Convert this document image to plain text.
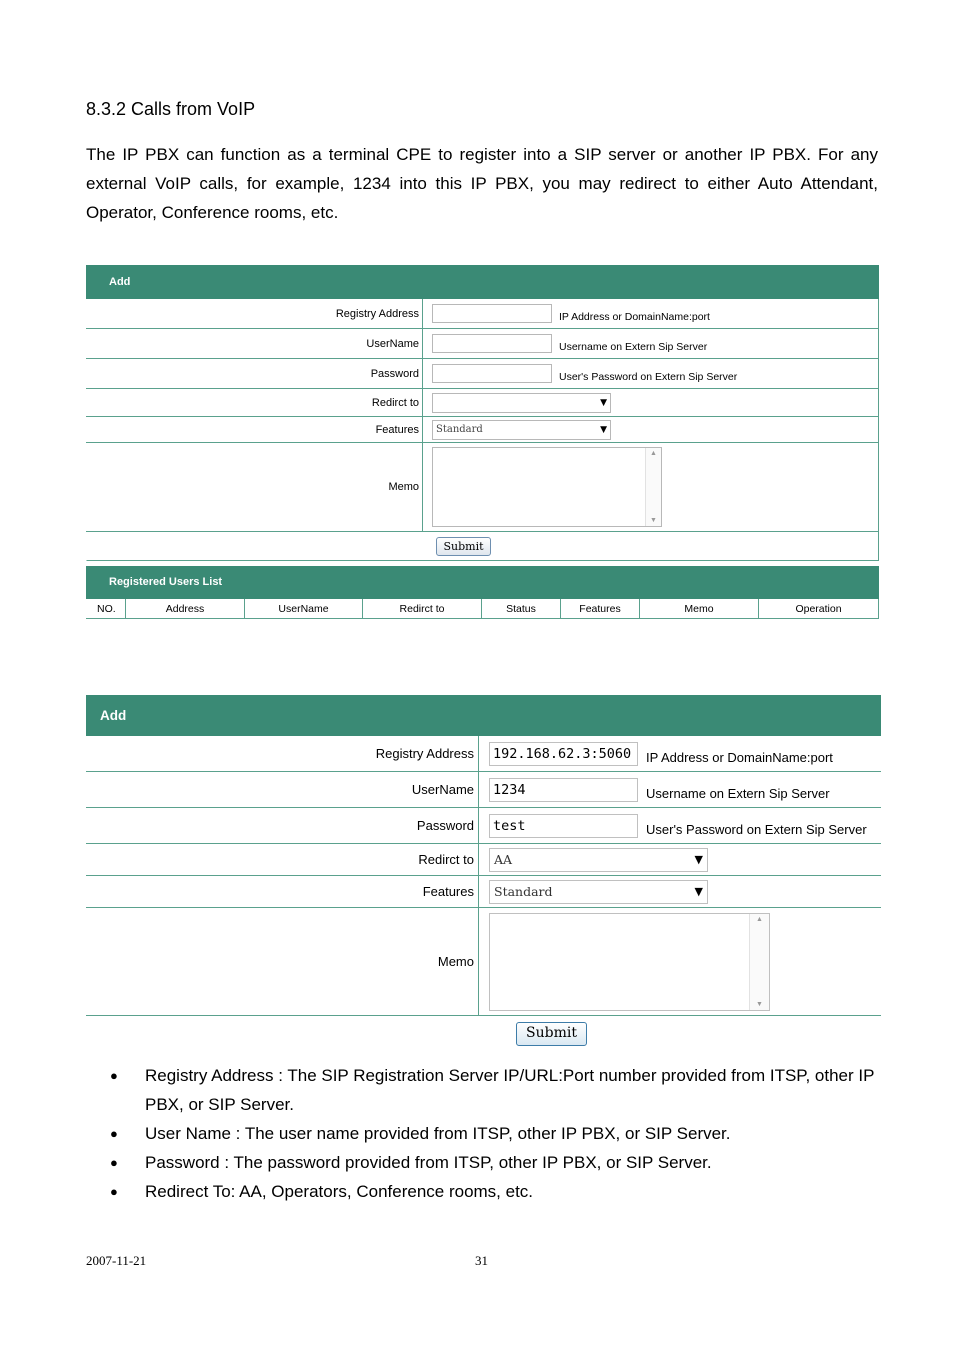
8.3.2 Calls from VoIP
The IP PBX can function as a terminal CPE to register into a SIP server or another IP PBX. For any external VoIP calls, for example, 1234 into this IP PBX, you may redirect to either Auto Attendant, Operator, Conference rooms, etc.
Add
Registry Address	IP Address or DomainName:port
UserName	Username on Extern Sip Server
Password	User's Password on Extern Sip Server
Redirct to	▼
Features	Standard	▼
Memo
▲
▼
Submit
Registered Users List
NO.	Address	UserName	Redirct to	Status	Features	Memo	Operation
Add
Registry Address	192.168.62.3:5060	IP Address or DomainName:port
UserName	1234	Username on Extern Sip Server
Password	test	User's Password on Extern Sip Server
Redirct to	AA	▼
Features	Standard	▼
Memo
▲
▼
Submit
●	Registry Address : The SIP Registration Server IP/URL:Port number provided from ITSP, other IP PBX, or SIP Server.
●	User Name : The user name provided from ITSP, other IP PBX, or SIP Server.
●	Password : The password provided from ITSP, other IP PBX, or SIP Server.
●	Redirect To: AA, Operators, Conference rooms, etc.
2007-11-21	31
